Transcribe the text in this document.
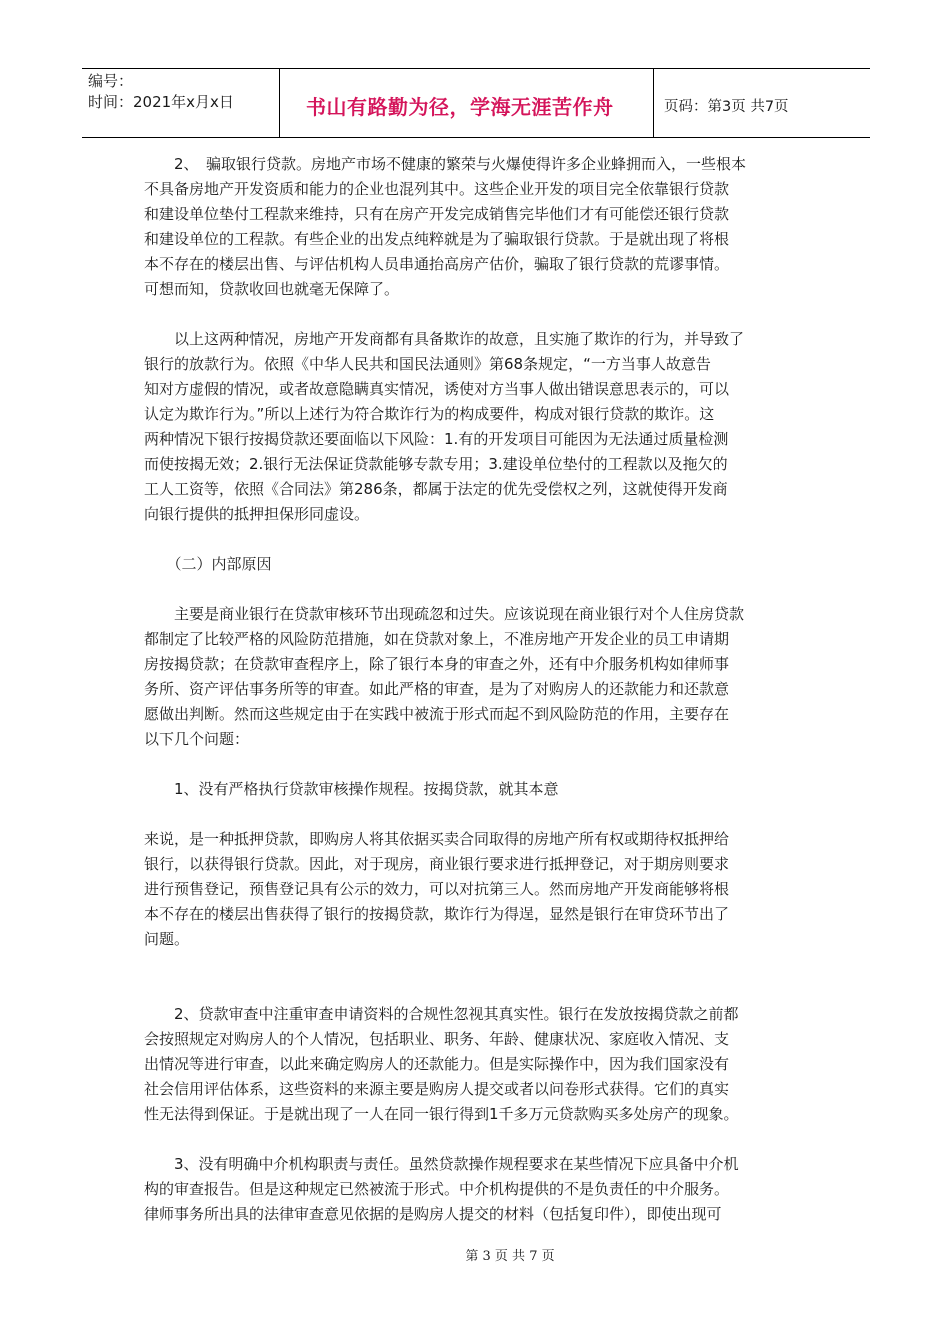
编号：
时间：2021年x月x日	书山有路勤为径，学海无涯苦作舟	页码：第3页 共7页

　　2、　骗取银行贷款。房地产市场不健康的繁荣与火爆使得许多企业蜂拥而入，一些根本

不具备房地产开发资质和能力的企业也混列其中。这些企业开发的项目完全依靠银行贷款

和建设单位垫付工程款来维持，只有在房产开发完成销售完毕他们才有可能偿还银行贷款

和建设单位的工程款。有些企业的出发点纯粹就是为了骗取银行贷款。于是就出现了将根

本不存在的楼层出售、与评估机构人员串通抬高房产估价，骗取了银行贷款的荒谬事情。

可想而知，贷款收回也就毫无保障了。

　　以上这两种情况，房地产开发商都有具备欺诈的故意，且实施了欺诈的行为，并导致了

银行的放款行为。依照《中华人民共和国民法通则》第68条规定，“一方当事人故意告

知对方虚假的情况，或者故意隐瞒真实情况，诱使对方当事人做出错误意思表示的，可以

认定为欺诈行为。”所以上述行为符合欺诈行为的构成要件，构成对银行贷款的欺诈。这

两种情况下银行按揭贷款还要面临以下风险：1.有的开发项目可能因为无法通过质量检测

而使按揭无效；2.银行无法保证贷款能够专款专用；3.建设单位垫付的工程款以及拖欠的

工人工资等，依照《合同法》第286条，都属于法定的优先受偿权之列，这就使得开发商

向银行提供的抵押担保形同虚设。

　　（二）内部原因

　　主要是商业银行在贷款审核环节出现疏忽和过失。应该说现在商业银行对个人住房贷款

都制定了比较严格的风险防范措施，如在贷款对象上，不准房地产开发企业的员工申请期

房按揭贷款；在贷款审查程序上，除了银行本身的审查之外，还有中介服务机构如律师事

务所、资产评估事务所等的审查。如此严格的审查，是为了对购房人的还款能力和还款意

愿做出判断。然而这些规定由于在实践中被流于形式而起不到风险防范的作用，主要存在

以下几个问题：

　　1、没有严格执行贷款审核操作规程。按揭贷款，就其本意

来说，是一种抵押贷款，即购房人将其依据买卖合同取得的房地产所有权或期待权抵押给

银行，以获得银行贷款。因此，对于现房，商业银行要求进行抵押登记，对于期房则要求

进行预售登记，预售登记具有公示的效力，可以对抗第三人。然而房地产开发商能够将根

本不存在的楼层出售获得了银行的按揭贷款，欺诈行为得逞，显然是银行在审贷环节出了

问题。

　　2、贷款审查中注重审查申请资料的合规性忽视其真实性。银行在发放按揭贷款之前都

会按照规定对购房人的个人情况，包括职业、职务、年龄、健康状况、家庭收入情况、支

出情况等进行审查，以此来确定购房人的还款能力。但是实际操作中，因为我们国家没有

社会信用评估体系，这些资料的来源主要是购房人提交或者以问卷形式获得。它们的真实

性无法得到保证。于是就出现了一人在同一银行得到1千多万元贷款购买多处房产的现象。

　　3、没有明确中介机构职责与责任。虽然贷款操作规程要求在某些情况下应具备中介机

构的审查报告。但是这种规定已然被流于形式。中介机构提供的不是负责任的中介服务。

律师事务所出具的法律审查意见依据的是购房人提交的材料（包括复印件），即使出现可

第 3 页 共 7 页
